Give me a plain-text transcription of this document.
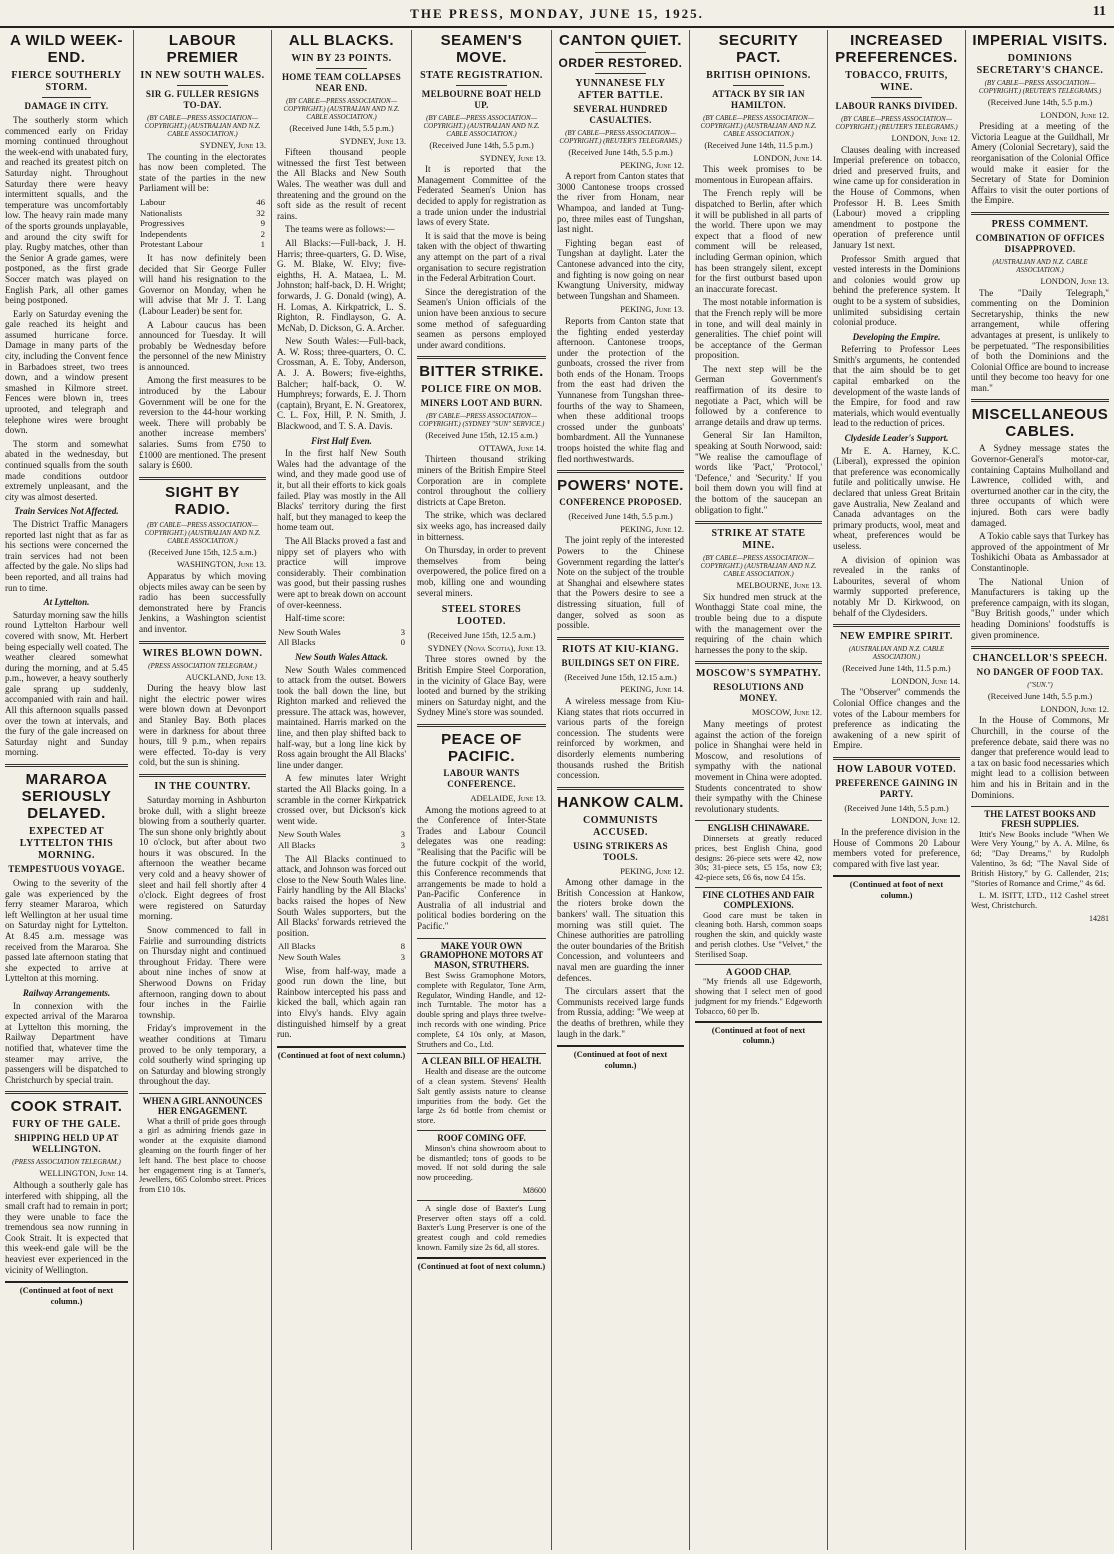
THE PRESS, MONDAY, JUNE 15, 1925.	11
A WILD WEEK-END.
FIERCE SOUTHERLY STORM.
DAMAGE IN CITY.

The southerly storm which commenced early on Friday morning continued throughout the week-end with unabated fury, and reached its greatest pitch on Saturday night. Throughout Saturday there were heavy intermittent squalls, and the temperature was uncomfortably low. The heavy rain made many of the sports grounds unplayable, and around the city swift for play. Rugby matches, other than the Senior A grade games, were postponed, as the first grade Soccer match was played on English Park, all other games being postponed.

Early on Saturday evening the gale reached its height and assumed hurricane force. Damage in many parts of the city, including the Convent fence in Barbadoes street, two trees down, and a window present smashed in Kilmore street. Fences were blown in, trees uprooted, and telegraph and telephone wires were brought down.

The storm and somewhat abated in the wednesday, but continued squalls from the south made conditions outdoor extremely unpleasant, and the city was almost deserted.

Train Services Not Affected.

The District Traffic Managers reported last night that as far as his sections were concerned the train services had not been affected by the gale. No slips had been reported, and all trains had run to time.

At Lyttelton.

Saturday morning saw the hills round Lyttelton Harbour well covered with snow, Mt. Herbert being especially well coated. The weather cleared somewhat during the morning, and at 5.45 p.m., however, a heavy southerly gale sprang up suddenly, accompanied with rain and hail. All this afternoon squalls passed over the town at intervals, and the fury of the gale increased on Saturday night and Sunday morning.

MARAROA SERIOUSLY DELAYED.
EXPECTED AT LYTTELTON THIS MORNING.
TEMPESTUOUS VOYAGE.

Owing to the severity of the gale was experienced by the ferry steamer Mararoa, which left Wellington at her usual time on Saturday night for Lyttelton. At 8.45 a.m. message was received from the Mararoa. She passed late afternoon stating that she expected to arrive at Lyttelton at this morning.

Railway Arrangements.

In connexion with the expected arrival of the Mararoa at Lyttelton this morning, the Railway Department have notified that, whatever time the steamer may arrive, the passengers will be dispatched to Christchurch by special train.

COOK STRAIT.
FURY OF THE GALE.
SHIPPING HELD UP AT WELLINGTON.
(PRESS ASSOCIATION TELEGRAM.)
WELLINGTON, June 14.

Although a southerly gale has interfered with shipping, all the small craft had to remain in port; they were unable to face the tremendous sea now running in Cook Strait. It is expected that this week-end gale will be the heaviest ever experienced in the vicinity of Wellington.

(Continued at foot of next column.)
LABOUR PREMIER
IN NEW SOUTH WALES.
SIR G. FULLER RESIGNS TO-DAY.
(BY CABLE—PRESS ASSOCIATION—COPYRIGHT.) (AUSTRALIAN AND N.Z. CABLE ASSOCIATION.)
SYDNEY, June 13.

The counting in the electorates has now been completed. The state of the parties in the new Parliament will be:

Labour	46
Nationalists	32
Progressives	9
Independents	2
Protestant Labour	1

It has now definitely been decided that Sir George Fuller will hand his resignation to the Governor on Monday, when he will advise that Mr J. T. Lang (Labour Leader) be sent for.

A Labour caucus has been announced for Tuesday. It will probably be Wednesday before the personnel of the new Ministry is announced.

Among the first measures to be introduced by the Labour Government will be one for the reversion to the 44-hour working week. There will probably be another increase members' salaries. Sums from £750 to £1000 are mentioned. The present salary is £600.

SIGHT BY RADIO.
(BY CABLE—PRESS ASSOCIATION—COPYRIGHT.) (AUSTRALIAN AND N.Z. CABLE ASSOCIATION.)
(Received June 15th, 12.5 a.m.)
WASHINGTON, June 13.

Apparatus by which moving objects miles away can be seen by radio has been successfully demonstrated here by Francis Jenkins, a Washington scientist and inventor.

WIRES BLOWN DOWN.
(PRESS ASSOCIATION TELEGRAM.)
AUCKLAND, June 13.

During the heavy blow last night the electric power wires were blown down at Devonport and Stanley Bay. Both places were in darkness for about three hours, till 9 p.m., when repairs were effected. To-day is very cold, but the sun is shining.

IN THE COUNTRY.

Saturday morning in Ashburton broke dull, with a slight breeze blowing from a southerly quarter. The sun shone only brightly about 10 o'clock, but after about two hours it was obscured. In the afternoon the weather became very cold and a heavy shower of sleet and hail fell shortly after 4 o'clock. Eight degrees of frost were registered on Saturday morning.

Snow commenced to fall in Fairlie and surrounding districts on Thursday night and continued throughout Friday. There were about nine inches of snow at Sherwood Downs on Friday afternoon, ranging down to about four inches in the Fairlie township.

Friday's improvement in the weather conditions at Timaru proved to be only temporary, a cold southerly wind springing up on Saturday and blowing strongly throughout the day.

WHEN A GIRL ANNOUNCES HER ENGAGEMENT.

What a thrill of pride goes through a girl as admiring friends gaze in wonder at the exquisite diamond gleaming on the fourth finger of her left hand. The best place to choose her engagement ring is at Tanner's, Jewellers, 665 Colombo street. Prices from £10 10s.

ALL BLACKS.
WIN BY 23 POINTS.
HOME TEAM COLLAPSES NEAR END.
(BY CABLE—PRESS ASSOCIATION—COPYRIGHT.) (AUSTRALIAN AND N.Z. CABLE ASSOCIATION.)
(Received June 14th, 5.5 p.m.)
SYDNEY, June 13.

Fifteen thousand people witnessed the first Test between the All Blacks and New South Wales. The weather was dull and threatening and the ground on the soft side as the result of recent rains.

The teams were as follows:—

All Blacks:—Full-back, J. H. Harris; three-quarters, G. D. Wise, G. M. Blake, W. Elvy; five-eighths, H. A. Mataea, L. M. Johnston; half-back, D. H. Wright; forwards, J. G. Donald (wing), A. H. Lomas, A. Kirkpatrick, L. S. Righton, R. Findlayson, G. A. McNab, D. Dickson, G. A. Archer.

New South Wales:—Full-back, A. W. Ross; three-quarters, O. C. Crossman, A. E. Toby, Anderson, A. J. A. Bowers; five-eighths, Balcher; half-back, O. W. Humphreys; forwards, E. J. Thorn (captain), Bryant, E. N. Greatorex, C. L. Fox, Hill, P. N. Smith, J. Blackwood, and T. S. A. Davis.

First Half Even.

In the first half New South Wales had the advantage of the wind, and they made good use of it, but all their efforts to kick goals failed. Play was mostly in the All Blacks' territory during the first half, but they managed to keep the home team out.

The All Blacks proved a fast and nippy set of players who with practice will improve considerably. Their combination was good, but their passing rushes were apt to break down on account of over-keenness.

Half-time score:

New South Wales	3
All Blacks	0
New South Wales Attack.

New South Wales commenced to attack from the outset. Bowers took the ball down the line, but Righton marked and relieved the pressure. The attack was, however, maintained. Harris marked on the line, and then play shifted back to half-way, but a long line kick by Ross again brought the All Blacks' line under danger.

A few minutes later Wright started the All Blacks going. In a scramble in the corner Kirkpatrick crossed over, but Dickson's kick went wide.

New South Wales	3
All Blacks	3

The All Blacks continued to attack, and Johnson was forced out close to the New South Wales line. Fairly handling by the All Blacks' backs raised the hopes of New South Wales supporters, but the All Blacks' forwards retrieved the position.

All Blacks	8
New South Wales	3

Wise, from half-way, made a good run down the line, but Rainbow intercepted his pass and kicked the ball, which again ran into Elvy's hands. Elvy again distinguished himself by a great run.

(Continued at foot of next column.)
SEAMEN'S MOVE.
STATE REGISTRATION.
MELBOURNE BOAT HELD UP.
(BY CABLE—PRESS ASSOCIATION—COPYRIGHT.) (AUSTRALIAN AND N.Z. CABLE ASSOCIATION.)
(Received June 14th, 5.5 p.m.)
SYDNEY, June 13.

It is reported that the Management Committee of the Federated Seamen's Union has decided to apply for registration as a trade union under the industrial laws of every State.

It is said that the move is being taken with the object of thwarting any attempt on the part of a rival organisation to secure registration in the Federal Arbitration Court.

Since the deregistration of the Seamen's Union officials of the union have been anxious to secure some method of safeguarding seamen as persons employed under award conditions.

BITTER STRIKE.
POLICE FIRE ON MOB.
MINERS LOOT AND BURN.
(BY CABLE—PRESS ASSOCIATION—COPYRIGHT.) (SYDNEY "SUN" SERVICE.)
(Received June 15th, 12.15 a.m.)
OTTAWA, June 14.

Thirteen thousand striking miners of the British Empire Steel Corporation are in complete control throughout the colliery districts at Cape Breton.

The strike, which was declared six weeks ago, has increased daily in bitterness.

On Thursday, in order to prevent themselves from being overpowered, the police fired on a mob, killing one and wounding several miners.

STEEL STORES LOOTED.
(Received June 15th, 12.5 a.m.)
SYDNEY (Nova Scotia), June 13.

Three stores owned by the British Empire Steel Corporation, in the vicinity of Glace Bay, were looted and burned by the striking miners on Saturday night, and the Sydney Mine's store was sounded.

PEACE OF PACIFIC.
LABOUR WANTS CONFERENCE.
ADELAIDE, June 13.

Among the motions agreed to at the Conference of Inter-State Trades and Labour Council delegates was one reading: "Realising that the Pacific will be the future cockpit of the world, this Conference recommends that arrangements be made to hold a Pan-Pacific Conference in Australia of all industrial and political bodies bordering on the Pacific."

MAKE YOUR OWN GRAMOPHONE MOTORS AT MASON, STRUTHERS.

Best Swiss Gramophone Motors, complete with Regulator, Tone Arm, Regulator, Winding Handle, and 12-inch Turntable. The motor has a double spring and plays three twelve-inch records with one winding. Price complete, £4 10s only, at Mason, Struthers and Co., Ltd.

A CLEAN BILL OF HEALTH.

Health and disease are the outcome of a clean system. Stevens' Health Salt gently assists nature to cleanse impurities from the body. Get the large 2s 6d bottle from chemist or store.

ROOF COMING OFF.

Minson's china showroom about to be dismantled; tons of goods to be moved. If not sold during the sale now proceeding.

M8600

A single dose of Baxter's Lung Preserver often stays off a cold. Baxter's Lung Preserver is one of the greatest cough and cold remedies known. Family size 2s 6d, all stores.

(Continued at foot of next column.)
CANTON QUIET.
ORDER RESTORED.
YUNNANESE FLY AFTER BATTLE.
SEVERAL HUNDRED CASUALTIES.
(BY CABLE—PRESS ASSOCIATION—COPYRIGHT.) (REUTER'S TELEGRAMS.)
(Received June 14th, 5.5 p.m.)
PEKING, June 12.

A report from Canton states that 3000 Cantonese troops crossed the river from Honam, near Whampoa, and landed at Tung-po, three miles east of Tungshan, last night.

Fighting began east of Tungshan at daylight. Later the Cantonese advanced into the city, and fighting is now going on near Kwangtung University, midway between Tungshan and Shameen.

PEKING, June 13.

Reports from Canton state that the fighting ended yesterday afternoon. Cantonese troops, under the protection of the gunboats, crossed the river from both ends of the Honam. Troops from the east had driven the Yunnanese from Tungshan three-fourths of the way to Shameen, when these additional troops crossed under the gunboats' bombardment. All the Yunnanese troops hoisted the white flag and fled northwestwards.

POWERS' NOTE.
CONFERENCE PROPOSED.
(Received June 14th, 5.5 p.m.)
PEKING, June 12.

The joint reply of the interested Powers to the Chinese Government regarding the latter's Note on the subject of the trouble at Shanghai and elsewhere states that the Powers desire to see a distressing situation, full of danger, solved as soon as possible.

RIOTS AT KIU-KIANG.
BUILDINGS SET ON FIRE.
(Received June 15th, 12.15 a.m.)
PEKING, June 14.

A wireless message from Kiu-Kiang states that riots occurred in various parts of the foreign concession. The students were reinforced by workmen, and disorderly elements numbering thousands rushed the British concession.

HANKOW CALM.
COMMUNISTS ACCUSED.
USING STRIKERS AS TOOLS.
PEKING, June 12.

Among other damage in the British Concession at Hankow, the rioters broke down the bankers' wall. The situation this morning was still quiet. The Chinese authorities are patrolling the outer boundaries of the British Concession, and volunteers and naval men are guarding the inner defences.

The circulars assert that the Communists received large funds from Russia, adding: "We weep at the deaths of brethren, while they laugh in the dark."

(Continued at foot of next column.)
SECURITY PACT.
BRITISH OPINIONS.
ATTACK BY SIR IAN HAMILTON.
(BY CABLE—PRESS ASSOCIATION—COPYRIGHT.) (AUSTRALIAN AND N.Z. CABLE ASSOCIATION.)
(Received June 14th, 11.5 p.m.)
LONDON, June 14.

This week promises to be momentous in European affairs.

The French reply will be dispatched to Berlin, after which it will be published in all parts of the world. There upon we may expect that a flood of new comment will be released, including German opinion, which has been strangely silent, except for the first outburst based upon an inaccurate forecast.

The most notable information is that the French reply will be more in tone, and will deal mainly in generalities. The chief point will be acceptance of the German proposition.

The next step will be the German Government's reaffirmation of its desire to negotiate a Pact, which will be followed by a conference to arrange details and draw up terms.

General Sir Ian Hamilton, speaking at South Norwood, said: "We realise the camouflage of words like 'Pact,' 'Protocol,' 'Defence,' and 'Security.' If you boil them down you will find at the bottom of the saucepan an obligation to fight."

STRIKE AT STATE MINE.
(BY CABLE—PRESS ASSOCIATION—COPYRIGHT.) (AUSTRALIAN AND N.Z. CABLE ASSOCIATION.)
MELBOURNE, June 13.

Six hundred men struck at the Wonthaggi State coal mine, the trouble being due to a dispute with the management over the requiring of the chain which harnesses the pony to the skip.

MOSCOW'S SYMPATHY.
RESOLUTIONS AND MONEY.
MOSCOW, June 12.

Many meetings of protest against the action of the foreign police in Shanghai were held in Moscow, and resolutions of sympathy with the national movement in China were adopted. Students concentrated to show their sympathy with the Chinese revolutionary students.

ENGLISH CHINAWARE.

Dinnersets at greatly reduced prices, best English China, good designs: 26-piece sets were 42, now 30s; 31-piece sets, £5 15s, now £3; 42-piece sets, £6 6s, now £4 15s.

FINE CLOTHES AND FAIR COMPLEXIONS.

Good care must be taken in cleaning both. Harsh, common soaps roughen the skin, and quickly waste and perish clothes. Use "Velvet," the Sterilised Soap.

A GOOD CHAP.

"My friends all use Edgeworth, showing that I select men of good judgment for my friends." Edgeworth Tobacco, 60 per lb.

(Continued at foot of next column.)
INCREASED PREFERENCES.
TOBACCO, FRUITS, WINE.
LABOUR RANKS DIVIDED.
(BY CABLE—PRESS ASSOCIATION—COPYRIGHT.) (REUTER'S TELEGRAMS.)
LONDON, June 12.

Clauses dealing with increased Imperial preference on tobacco, dried and preserved fruits, and wine came up for consideration in the House of Commons, when Professor H. B. Lees Smith (Labour) moved a crippling amendment to postpone the operation of preference until January 1st next.

Professor Smith argued that vested interests in the Dominions and colonies would grow up behind the preference system. It ought to be a system of subsidies, unlimited subsidising certain colonial produce.

Developing the Empire.

Referring to Professor Lees Smith's arguments, he contended that the aim should be to get capital embarked on the development of the waste lands of the Empire, for food and raw materials, which would eventually lead to the reduction of prices.

Clydeside Leader's Support.

Mr E. A. Harney, K.C. (Liberal), expressed the opinion that preference was economically futile and politically unwise. He declared that unless Great Britain gave Australia, New Zealand and Canada advantages on the primary products, wool, meat and wheat, preferences would be useless.

A division of opinion was revealed in the ranks of Labourites, several of whom warmly supported preference, notably Mr D. Kirkwood, on behalf of the Clydesiders.

NEW EMPIRE SPIRIT.
(AUSTRALIAN AND N.Z. CABLE ASSOCIATION.)
(Received June 14th, 11.5 p.m.)
LONDON, June 14.

The "Observer" commends the Colonial Office changes and the votes of the Labour members for preference as indicating the awakening of a new spirit of Empire.

HOW LABOUR VOTED.
PREFERENCE GAINING IN PARTY.
(Received June 14th, 5.5 p.m.)
LONDON, June 12.

In the preference division in the House of Commons 20 Labour members voted for preference, compared with five last year.

(Continued at foot of next column.)
IMPERIAL VISITS.
DOMINIONS SECRETARY'S CHANCE.
(BY CABLE—PRESS ASSOCIATION—COPYRIGHT.) (REUTER'S TELEGRAMS.)
(Received June 14th, 5.5 p.m.)
LONDON, June 12.

Presiding at a meeting of the Victoria League at the Guildhall, Mr Amery (Colonial Secretary), said the reorganisation of the Colonial Office would make it easier for the Secretary of State for Dominion Affairs to visit the outer portions of the Empire.

PRESS COMMENT.
COMBINATION OF OFFICES DISAPPROVED.
(AUSTRALIAN AND N.Z. CABLE ASSOCIATION.)
LONDON, June 13.

The "Daily Telegraph," commenting on the Dominion Secretaryship, thinks the new arrangement, while offering advantages at present, is unlikely to be perpetuated. "The responsibilities of both the Dominions and the Colonial Office are bound to increase until they become too heavy for one man."

MISCELLANEOUS CABLES.

A Sydney message states the Governor-General's motor-car, containing Captains Mulholland and Lawrence, collided with, and overturned another car in the city, the three occupants of which were injured. Both cars were badly damaged.

A Tokio cable says that Turkey has approved of the appointment of Mr Toshikichi Obata as Ambassador at Constantinople.

The National Union of Manufacturers is taking up the preference campaign, with its slogan, "Buy British goods," under which heading Dominions' foodstuffs is given prominence.

CHANCELLOR'S SPEECH.
NO DANGER OF FOOD TAX.
("SUN.")
(Received June 14th, 5.5 p.m.)
LONDON, June 12.

In the House of Commons, Mr Churchill, in the course of the preference debate, said there was no danger that preference would lead to a tax on basic food necessaries which might lead to a collision between him and his in Britain and in the Dominions.

THE LATEST BOOKS AND FRESH SUPPLIES.

Ittit's New Books include "When We Were Very Young," by A. A. Milne, 6s 6d; "Day Dreams," by Rudolph Valentino, 3s 6d; "The Naval Side of British History," by G. Callender, 21s; "Stories of Romance and Crime," 4s 6d.

L. M. ISITT, LTD., 112 Cashel street West, Christchurch.

14281
